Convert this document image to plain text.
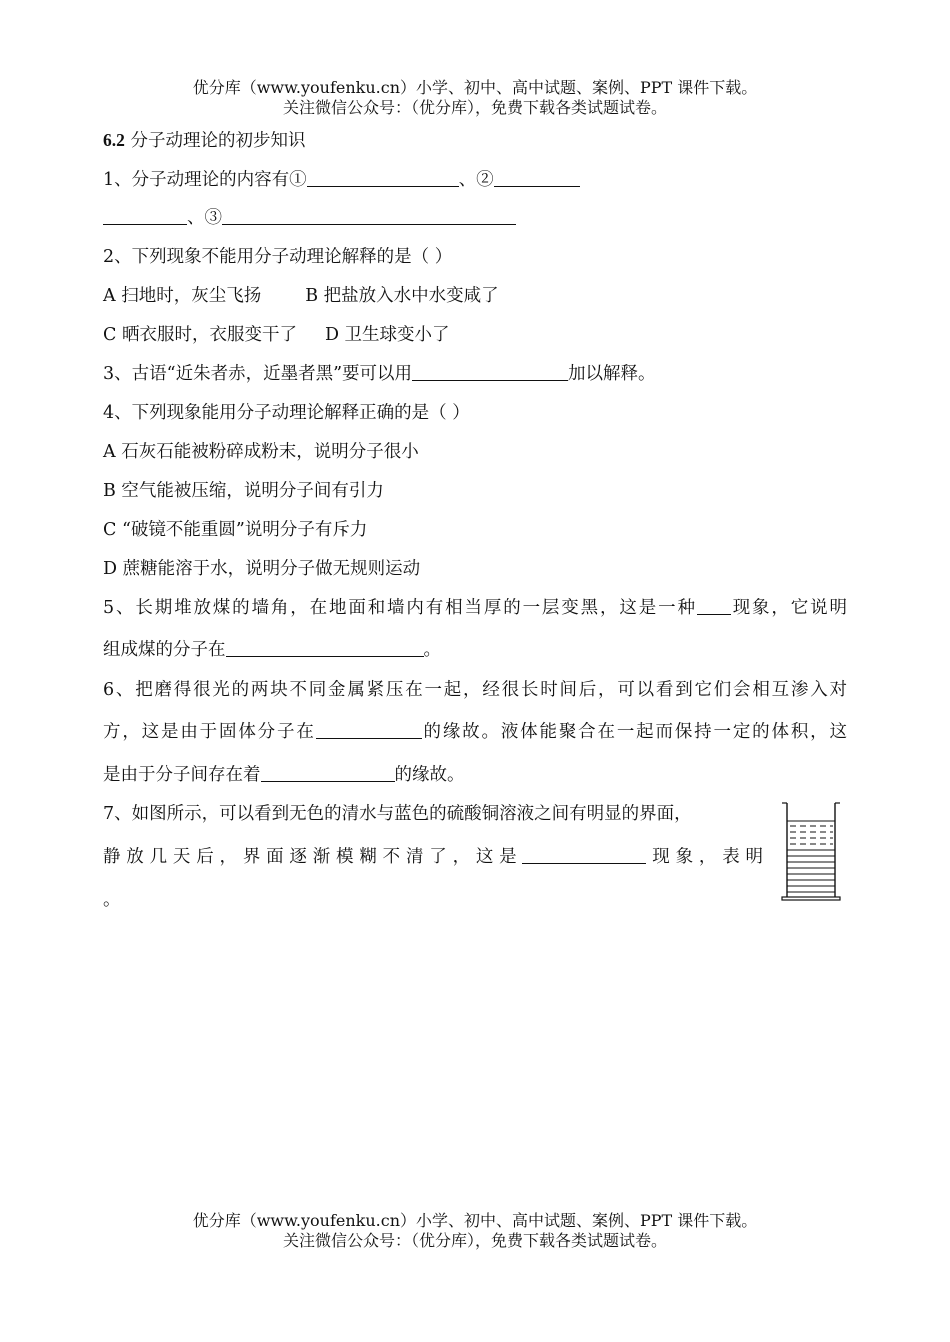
优分库（www.youfenku.cn）小学、初中、高中试题、案例、PPT 课件下载。
关注微信公众号：（优分库），免费下载各类试题试卷。
6.2 分子动理论的初步知识
1、分子动理论的内容有①	、②
、③
2、下列现象不能用分子动理论解释的是（ ）
A 扫地时，灰尘飞扬	B 把盐放入水中水变咸了
C 晒衣服时，衣服变干了 D 卫生球变小了
3、古语“近朱者赤，近墨者黑”要可以用	加以解释。
4、下列现象能用分子动理论解释正确的是（ ）
A 石灰石能被粉碎成粉末，说明分子很小
B 空气能被压缩，说明分子间有引力
C “破镜不能重圆”说明分子有斥力
D 蔗糖能溶于水，说明分子做无规则运动
5、长期堆放煤的墙角，在地面和墙内有相当厚的一层变黑，这是一种 现象，它说明
组成煤的分子在	。
6、把磨得很光的两块不同金属紧压在一起，经很长时间后，可以看到它们会相互渗入对
方，这是由于固体分子在	的缘故。液体能聚合在一起而保持一定的体积，这
是由于分子间存在着	的缘故。
7、如图所示，可以看到无色的清水与蓝色的硫酸铜溶液之间有明显的界面，
静放几天后，界面逐渐模糊不清了，这是	现象，表明
。
优分库（www.youfenku.cn）小学、初中、高中试题、案例、PPT 课件下载。
关注微信公众号：（优分库），免费下载各类试题试卷。
